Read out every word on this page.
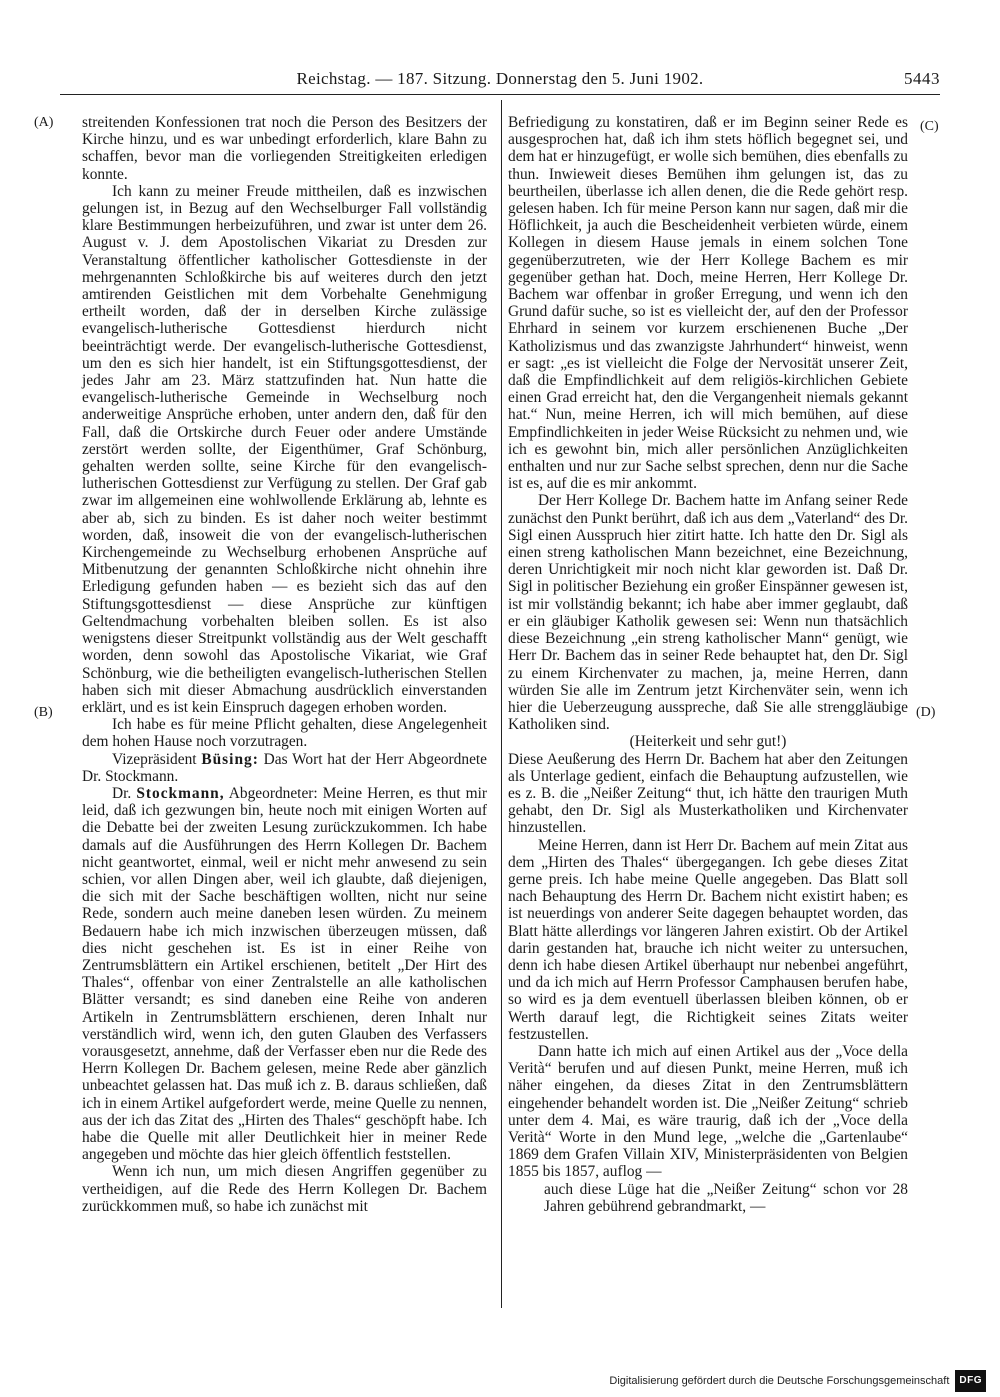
Reichstag. — 187. Sitzung. Donnerstag den 5. Juni 1902.	5443
(A)
(B)
(C)
(D)

streitenden Konfessionen trat noch die Person des Besitzers der Kirche hinzu, und es war unbedingt erforderlich, klare Bahn zu schaffen, bevor man die vorliegenden Streitigkeiten erledigen konnte.

Ich kann zu meiner Freude mittheilen, daß es inzwischen gelungen ist, in Bezug auf den Wechselburger Fall vollständig klare Bestimmungen herbeizuführen, und zwar ist unter dem 26. August v. J. dem Apostolischen Vikariat zu Dresden zur Veranstaltung öffentlicher katholischer Gottesdienste in der mehrgenannten Schloßkirche bis auf weiteres durch den jetzt amtirenden Geistlichen mit dem Vorbehalte Genehmigung ertheilt worden, daß der in derselben Kirche zulässige evangelisch-lutherische Gottesdienst hierdurch nicht beeinträchtigt werde. Der evangelisch-lutherische Gottesdienst, um den es sich hier handelt, ist ein Stiftungsgottesdienst, der jedes Jahr am 23. März stattzufinden hat. Nun hatte die evangelisch-lutherische Gemeinde in Wechselburg noch anderweitige Ansprüche erhoben, unter andern den, daß für den Fall, daß die Ortskirche durch Feuer oder andere Umstände zerstört werden sollte, der Eigenthümer, Graf Schönburg, gehalten werden sollte, seine Kirche für den evangelisch-lutherischen Gottesdienst zur Verfügung zu stellen. Der Graf gab zwar im allgemeinen eine wohlwollende Erklärung ab, lehnte es aber ab, sich zu binden. Es ist daher noch weiter bestimmt worden, daß, insoweit die von der evangelisch-lutherischen Kirchengemeinde zu Wechselburg erhobenen Ansprüche auf Mitbenutzung der genannten Schloßkirche nicht ohnehin ihre Erledigung gefunden haben — es bezieht sich das auf den Stiftungsgottesdienst — diese Ansprüche zur künftigen Geltendmachung vorbehalten bleiben sollen. Es ist also wenigstens dieser Streitpunkt vollständig aus der Welt geschafft worden, denn sowohl das Apostolische Vikariat, wie Graf Schönburg, wie die betheiligten evangelisch-lutherischen Stellen haben sich mit dieser Abmachung ausdrücklich einverstanden erklärt, und es ist kein Einspruch dagegen erhoben worden.

Ich habe es für meine Pflicht gehalten, diese Angelegenheit dem hohen Hause noch vorzutragen.

Vizepräsident Büsing: Das Wort hat der Herr Abgeordnete Dr. Stockmann.

Dr. Stockmann, Abgeordneter: Meine Herren, es thut mir leid, daß ich gezwungen bin, heute noch mit einigen Worten auf die Debatte bei der zweiten Lesung zurückzukommen. Ich habe damals auf die Ausführungen des Herrn Kollegen Dr. Bachem nicht geantwortet, einmal, weil er nicht mehr anwesend zu sein schien, vor allen Dingen aber, weil ich glaubte, daß diejenigen, die sich mit der Sache beschäftigen wollten, nicht nur seine Rede, sondern auch meine daneben lesen würden. Zu meinem Bedauern habe ich mich inzwischen überzeugen müssen, daß dies nicht geschehen ist. Es ist in einer Reihe von Zentrumsblättern ein Artikel erschienen, betitelt „Der Hirt des Thales“, offenbar von einer Zentralstelle an alle katholischen Blätter versandt; es sind daneben eine Reihe von anderen Artikeln in Zentrumsblättern erschienen, deren Inhalt nur verständlich wird, wenn ich, den guten Glauben des Verfassers vorausgesetzt, annehme, daß der Verfasser eben nur die Rede des Herrn Kollegen Dr. Bachem gelesen, meine Rede aber gänzlich unbeachtet gelassen hat. Das muß ich z. B. daraus schließen, daß ich in einem Artikel aufgefordert werde, meine Quelle zu nennen, aus der ich das Zitat des „Hirten des Thales“ geschöpft habe. Ich habe die Quelle mit aller Deutlichkeit hier in meiner Rede angegeben und möchte das hier gleich öffentlich feststellen.

Wenn ich nun, um mich diesen Angriffen gegenüber zu vertheidigen, auf die Rede des Herrn Kollegen Dr. Bachem zurückkommen muß, so habe ich zunächst mit

Befriedigung zu konstatiren, daß er im Beginn seiner Rede es ausgesprochen hat, daß ich ihm stets höflich begegnet sei, und dem hat er hinzugefügt, er wolle sich bemühen, dies ebenfalls zu thun. Inwieweit dieses Bemühen ihm gelungen ist, das zu beurtheilen, überlasse ich allen denen, die die Rede gehört resp. gelesen haben. Ich für meine Person kann nur sagen, daß mir die Höflichkeit, ja auch die Bescheidenheit verbieten würde, einem Kollegen in diesem Hause jemals in einem solchen Tone gegenüberzutreten, wie der Herr Kollege Bachem es mir gegenüber gethan hat. Doch, meine Herren, Herr Kollege Dr. Bachem war offenbar in großer Erregung, und wenn ich den Grund dafür suche, so ist es vielleicht der, auf den der Professor Ehrhard in seinem vor kurzem erschienenen Buche „Der Katholizismus und das zwanzigste Jahrhundert“ hinweist, wenn er sagt: „es ist vielleicht die Folge der Nervosität unserer Zeit, daß die Empfindlichkeit auf dem religiös-kirchlichen Gebiete einen Grad erreicht hat, den die Vergangenheit niemals gekannt hat.“ Nun, meine Herren, ich will mich bemühen, auf diese Empfindlichkeiten in jeder Weise Rücksicht zu nehmen und, wie ich es gewohnt bin, mich aller persönlichen Anzüglichkeiten enthalten und nur zur Sache selbst sprechen, denn nur die Sache ist es, auf die es mir ankommt.

Der Herr Kollege Dr. Bachem hatte im Anfang seiner Rede zunächst den Punkt berührt, daß ich aus dem „Vaterland“ des Dr. Sigl einen Ausspruch hier zitirt hatte. Ich hatte den Dr. Sigl als einen streng katholischen Mann bezeichnet, eine Bezeichnung, deren Unrichtigkeit mir noch nicht klar geworden ist. Daß Dr. Sigl in politischer Beziehung ein großer Einspänner gewesen ist, ist mir vollständig bekannt; ich habe aber immer geglaubt, daß er ein gläubiger Katholik gewesen sei: Wenn nun thatsächlich diese Bezeichnung „ein streng katholischer Mann“ genügt, wie Herr Dr. Bachem das in seiner Rede behauptet hat, den Dr. Sigl zu einem Kirchenvater zu machen, ja, meine Herren, dann würden Sie alle im Zentrum jetzt Kirchenväter sein, wenn ich hier die Ueberzeugung ausspreche, daß Sie alle strenggläubige Katholiken sind.

(Heiterkeit und sehr gut!)

Diese Aeußerung des Herrn Dr. Bachem hat aber den Zeitungen als Unterlage gedient, einfach die Behauptung aufzustellen, wie es z. B. die „Neißer Zeitung“ thut, ich hätte den traurigen Muth gehabt, den Dr. Sigl als Musterkatholiken und Kirchenvater hinzustellen.

Meine Herren, dann ist Herr Dr. Bachem auf mein Zitat aus dem „Hirten des Thales“ übergegangen. Ich gebe dieses Zitat gerne preis. Ich habe meine Quelle angegeben. Das Blatt soll nach Behauptung des Herrn Dr. Bachem nicht existirt haben; es ist neuerdings von anderer Seite dagegen behauptet worden, das Blatt hätte allerdings vor längeren Jahren existirt. Ob der Artikel darin gestanden hat, brauche ich nicht weiter zu untersuchen, denn ich habe diesen Artikel überhaupt nur nebenbei angeführt, und da ich mich auf Herrn Professor Camphausen berufen habe, so wird es ja dem eventuell überlassen bleiben können, ob er Werth darauf legt, die Richtigkeit seines Zitats weiter festzustellen.

Dann hatte ich mich auf einen Artikel aus der „Voce della Verità“ berufen und auf diesen Punkt, meine Herren, muß ich näher eingehen, da dieses Zitat in den Zentrumsblättern eingehender behandelt worden ist. Die „Neißer Zeitung“ schrieb unter dem 4. Mai, es wäre traurig, daß ich der „Voce della Verità“ Worte in den Mund lege, „welche die „Gartenlaube“ 1869 dem Grafen Villain XIV, Ministerpräsidenten von Belgien 1855 bis 1857, auflog —

auch diese Lüge hat die „Neißer Zeitung“ schon vor 28 Jahren gebührend gebrandmarkt, —

Digitalisierung gefördert durch die Deutsche Forschungsgemeinschaft	DFG
